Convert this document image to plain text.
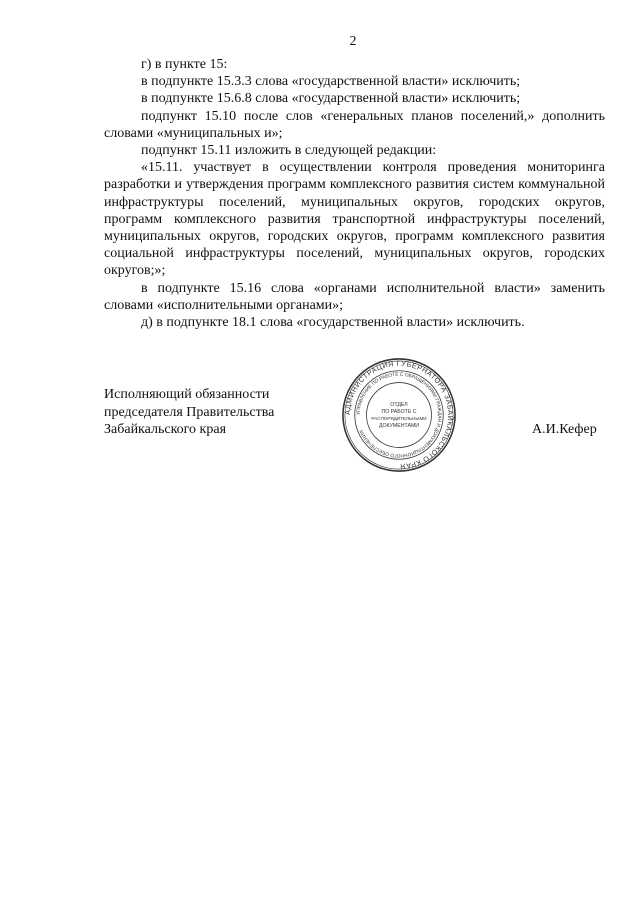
2

г) в пункте 15:

в подпункте 15.3.3 слова «государственной власти» исключить;

в подпункте 15.6.8 слова «государственной власти» исключить;

подпункт 15.10 после слов «генеральных планов поселений,» дополнить словами «муниципальных и»;

подпункт 15.11 изложить в следующей редакции:

«15.11. участвует в осуществлении контроля проведения мониторинга разработки и утверждения программ комплексного развития систем коммунальной инфраструктуры поселений, муниципальных округов, городских округов, программ комплексного развития транспортной инфраструктуры поселений, муниципальных округов, городских округов, программ комплексного развития социальной инфраструктуры поселений, муниципальных округов, городских округов;»;

в подпункте 15.16 слова «органами исполнительной власти» заменить словами «исполнительными органами»;

д) в подпункте 18.1 слова «государственной власти» исключить.

Исполняющий обязанности

председателя Правительства

Забайкальского края	А.И.Кефер
АДМИНИСТРАЦИЯ ГУБЕРНАТОРА ЗАБАЙКАЛЬСКОГО КРАЯ
УПРАВЛЕНИЕ ПО РАБОТЕ С ОБРАЩЕНИЯМИ ГРАЖДАН И ДОКУМЕНТАЦИОННОГО ОБЕСПЕЧЕНИЯ
ОТДЕЛ
ПО РАБОТЕ С
РАСПОРЯДИТЕЛЬНЫМИ
ДОКУМЕНТАМИ
